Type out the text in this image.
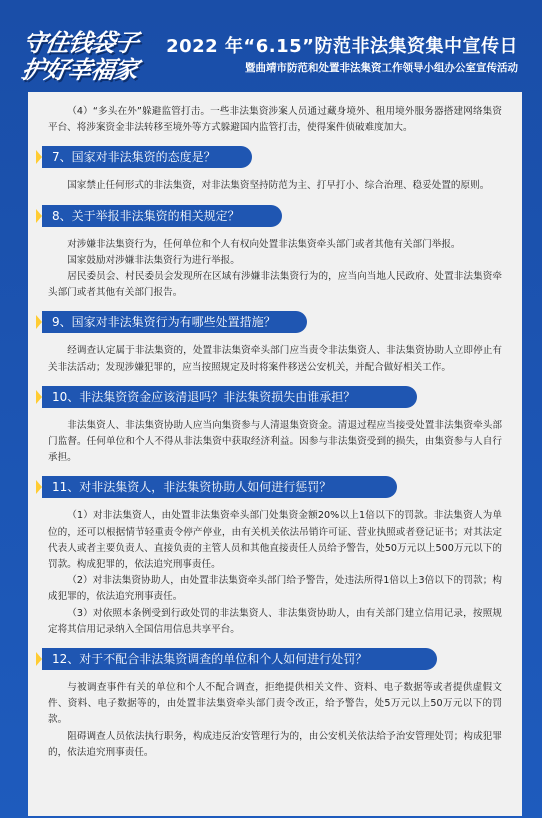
守住钱袋子
护好幸福家
2022 年“6.15”防范非法集资集中宣传日
暨曲靖市防范和处置非法集资工作领导小组办公室宣传活动

（4）“多头在外”躲避监管打击。一些非法集资涉案人员通过藏身境外、租用境外服务器搭建网络集资平台、将涉案资金非法转移至境外等方式躲避国内监管打击，使得案件侦破难度加大。

7、国家对非法集资的态度是？

国家禁止任何形式的非法集资，对非法集资坚持防范为主、打早打小、综合治理、稳妥处置的原则。

8、关于举报非法集资的相关规定？

对涉嫌非法集资行为，任何单位和个人有权向处置非法集资牵头部门或者其他有关部门举报。

国家鼓励对涉嫌非法集资行为进行举报。

居民委员会、村民委员会发现所在区域有涉嫌非法集资行为的，应当向当地人民政府、处置非法集资牵头部门或者其他有关部门报告。

9、国家对非法集资行为有哪些处置措施？

经调查认定属于非法集资的，处置非法集资牵头部门应当责令非法集资人、非法集资协助人立即停止有关非法活动；发现涉嫌犯罪的，应当按照规定及时将案件移送公安机关，并配合做好相关工作。

10、非法集资资金应该清退吗？非法集资损失由谁承担？

非法集资人、非法集资协助人应当向集资参与人清退集资资金。清退过程应当接受处置非法集资牵头部门监督。任何单位和个人不得从非法集资中获取经济利益。因参与非法集资受到的损失，由集资参与人自行承担。

11、对非法集资人，非法集资协助人如何进行惩罚？

（1）对非法集资人，由处置非法集资牵头部门处集资金额20%以上1倍以下的罚款。非法集资人为单位的，还可以根据情节轻重责令停产停业，由有关机关依法吊销许可证、营业执照或者登记证书；对其法定代表人或者主要负责人、直接负责的主管人员和其他直接责任人员给予警告，处50万元以上500万元以下的罚款。构成犯罪的，依法追究刑事责任。

（2）对非法集资协助人，由处置非法集资牵头部门给予警告，处违法所得1倍以上3倍以下的罚款；构成犯罪的，依法追究刑事责任。

（3）对依照本条例受到行政处罚的非法集资人、非法集资协助人，由有关部门建立信用记录，按照规定将其信用记录纳入全国信用信息共享平台。

12、对于不配合非法集资调查的单位和个人如何进行处罚？

与被调查事件有关的单位和个人不配合调查，拒绝提供相关文件、资料、电子数据等或者提供虚假文件、资料、电子数据等的，由处置非法集资牵头部门责令改正，给予警告，处5万元以上50万元以下的罚款。

阻碍调查人员依法执行职务，构成违反治安管理行为的，由公安机关依法给予治安管理处罚；构成犯罪的，依法追究刑事责任。
